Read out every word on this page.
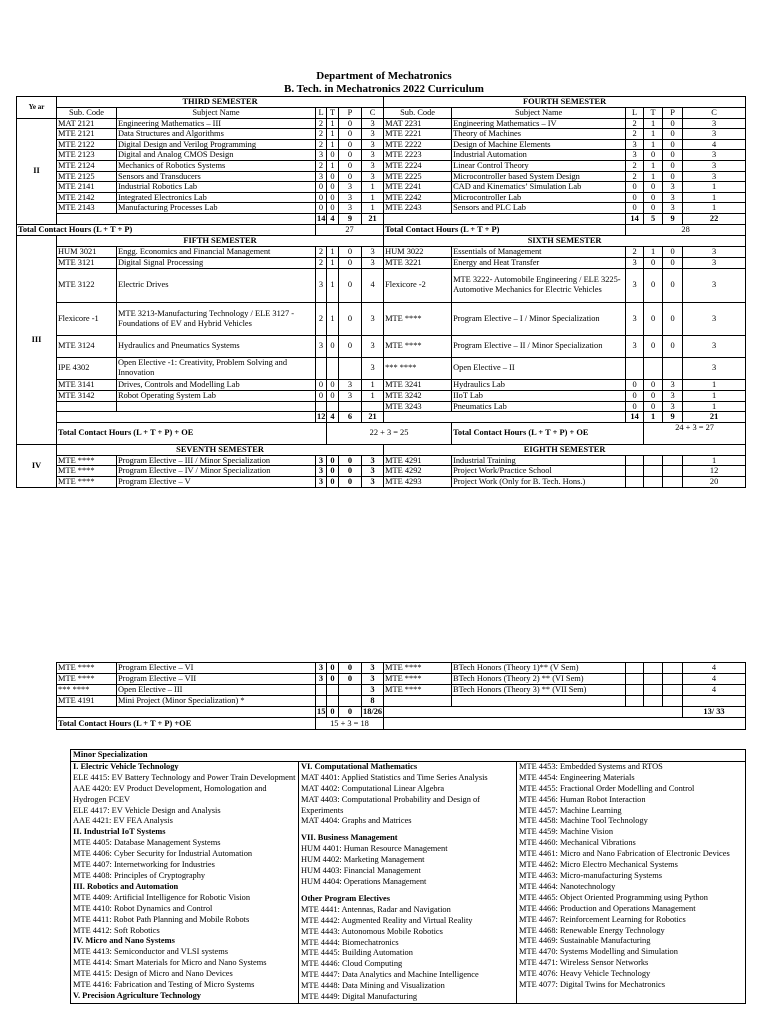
Department of Mechatronics
B. Tech. in Mechatronics 2022 Curriculum
Ye ar	THIRD SEMESTER						FOURTH SEMESTER					
	Sub. Code	Subject Name	L	T	P	C	Sub. Code	Subject Name	L	T	P	C
II	MAT 2121	Engineering Mathematics – III	2	1	0	3	MAT 2231	Engineering Mathematics – IV	2	1	0	3
	MTE 2121	Data Structures and Algorithms	2	1	0	3	MTE 2221	Theory of Machines	2	1	0	3
	MTE 2122	Digital Design and Verilog Programming	2	1	0	3	MTE 2222	Design of Machine Elements	3	1	0	4
	MTE 2123	Digital and Analog CMOS Design	3	0	0	3	MTE 2223	Industrial Automation	3	0	0	3
	MTE 2124	Mechanics of Robotics Systems	2	1	0	3	MTE 2224	Linear Control Theory	2	1	0	3
	MTE 2125	Sensors and Transducers	3	0	0	3	MTE 2225	Microcontroller based System Design	2	1	0	3
	MTE 2141	Industrial Robotics Lab	0	0	3	1	MTE 2241	CAD and Kinematics’ Simulation Lab	0	0	3	1
	MTE 2142	Integrated Electronics Lab	0	0	3	1	MTE 2242	Microcontroller Lab	0	0	3	1
	MTE 2143	Manufacturing Processes Lab	0	0	3	1	MTE 2243	Sensors and PLC Lab	0	0	3	1
			14	4	9	21			14	5	9	22
Total Contact Hours (L + T + P)			27				Total Contact Hours (L + T + P)		28			
III	FIFTH SEMESTER						SIXTH SEMESTER					
	HUM 3021	Engg. Economics and Financial Management	2	1	0	3	HUM 3022	Essentials of Management	2	1	0	3
	MTE 3121	Digital Signal Processing	2	1	0	3	MTE 3221	Energy and Heat Transfer	3	0	0	3
	MTE 3122	Electric Drives	3	1	0	4	Flexicore -2	MTE 3222- Automobile Engineering / ELE 3225- Automotive Mechanics for Electric Vehicles	3	0	0	3
	Flexicore -1	MTE 3213-Manufacturing Technology / ELE 3127 - Foundations of EV and Hybrid Vehicles	2	1	0	3	MTE ****	Program Elective – I / Minor Specialization	3	0	0	3
	MTE 3124	Hydraulics and Pneumatics Systems	3	0	0	3	MTE ****	Program Elective – II / Minor Specialization	3	0	0	3
	IPE 4302	Open Elective -1: Creativity, Problem Solving and Innovation				3	*** ****	Open Elective – II				3
	MTE 3141	Drives, Controls and Modelling Lab	0	0	3	1	MTE 3241	Hydraulics Lab	0	0	3	1
	MTE 3142	Robot Operating System Lab	0	0	3	1	MTE 3242	IIoT Lab	0	0	3	1
							MTE 3243	Pneumatics Lab	0	0	3	1
			12	4	6	21			14	1	9	21
	Total Contact Hours (L + T + P) + OE			22 + 3 = 25				Total Contact Hours (L + T + P) + OE		24 + 3 = 27		
IV	SEVENTH SEMESTER						EIGHTH SEMESTER					
	MTE ****	Program Elective – III / Minor Specialization	3	0	0	3	MTE 4291	Industrial Training				1
	MTE ****	Program Elective – IV / Minor Specialization	3	0	0	3	MTE 4292	Project Work/Practice School				12
	MTE ****	Program Elective – V	3	0	0	3	MTE 4293	Project Work (Only for B. Tech. Hons.)				20
MTE ****	Program Elective – VI	3	0	0	3	MTE ****	BTech Honors (Theory 1)** (V Sem)				4
MTE ****	Program Elective – VII	3	0	0	3	MTE ****	BTech Honors (Theory 2) ** (VI Sem)				4
*** ****	Open Elective – III				3	MTE ****	BTech Honors (Theory 3) ** (VII Sem)				4
MTE 4191	Mini Project (Minor Specialization) *				8						
		15	0	0	18/26						13/ 33
Total Contact Hours (L + T + P) +OE		15 + 3 = 18									
Minor Specialization

I. Electric Vehicle Technology
ELE 4415: EV Battery Technology and Power Train Development
AAE 4420: EV Product Development, Homologation and Hydrogen FCEV
ELE 4417: EV Vehicle Design and Analysis
AAE 4421: EV FEA Analysis
II. Industrial IoT Systems
MTE 4405: Database Management Systems
MTE 4406: Cyber Security for Industrial Automation
MTE 4407: Internetworking for Industries
MTE 4408: Principles of Cryptography
III. Robotics and Automation
MTE 4409: Artificial Intelligence for Robotic Vision
MTE 4410: Robot Dynamics and Control
MTE 4411: Robot Path Planning and Mobile Robots
MTE 4412: Soft Robotics
IV. Micro and Nano Systems
MTE 4413: Semiconductor and VLSI systems
MTE 4414: Smart Materials for Micro and Nano Systems
MTE 4415: Design of Micro and Nano Devices
MTE 4416: Fabrication and Testing of Micro Systems
V. Precision Agriculture Technology

VI. Computational Mathematics
MAT 4401: Applied Statistics and Time Series Analysis
MAT 4402: Computational Linear Algebra
MAT 4403: Computational Probability and Design of Experiments
MAT 4404: Graphs and Matrices
VII. Business Management
HUM 4401: Human Resource Management
HUM 4402: Marketing Management
HUM 4403: Financial Management
HUM 4404: Operations Management
Other Program Electives
MTE 4441: Antennas, Radar and Navigation
MTE 4442: Augmented Reality and Virtual Reality
MTE 4443: Autonomous Mobile Robotics
MTE 4444: Biomechatronics
MTE 4445: Building Automation
MTE 4446: Cloud Computing
MTE 4447: Data Analytics and Machine Intelligence
MTE 4448: Data Mining and Visualization
MTE 4449: Digital Manufacturing

MTE 4453: Embedded Systems and RTOS
MTE 4454: Engineering Materials
MTE 4455: Fractional Order Modelling and Control
MTE 4456: Human Robot Interaction
MTE 4457: Machine Learning
MTE 4458: Machine Tool Technology
MTE 4459: Machine Vision
MTE 4460: Mechanical Vibrations
MTE 4461: Micro and Nano Fabrication of Electronic Devices
MTE 4462: Micro Electro Mechanical Systems
MTE 4463: Micro-manufacturing Systems
MTE 4464: Nanotechnology
MTE 4465: Object Oriented Programming using Python
MTE 4466: Production and Operations Management
MTE 4467: Reinforcement Learning for Robotics
MTE 4468: Renewable Energy Technology
MTE 4469: Sustainable Manufacturing
MTE 4470: Systems Modelling and Simulation
MTE 4471: Wireless Sensor Networks
MTE 4076: Heavy Vehicle Technology
MTE 4077: Digital Twins for Mechatronics
